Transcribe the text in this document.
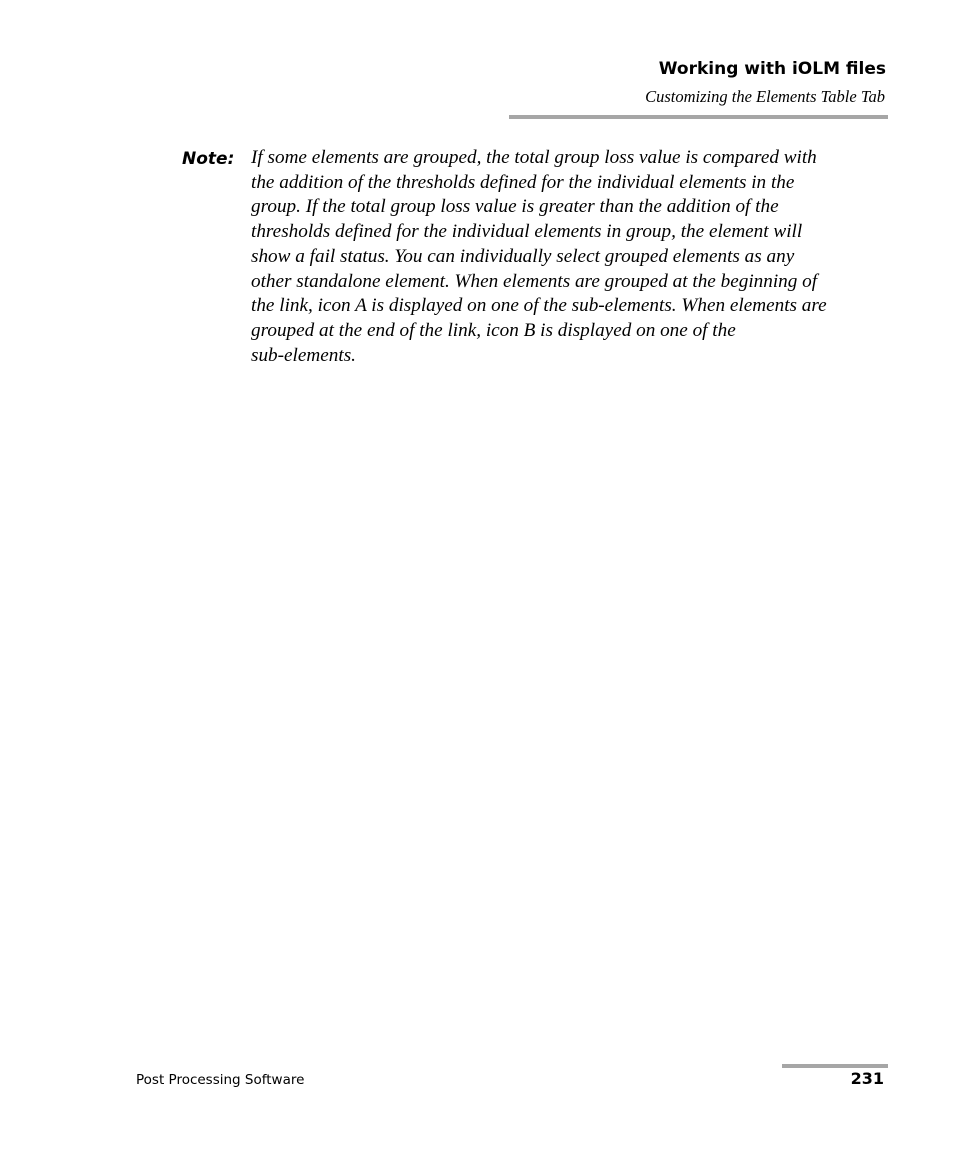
Working with iOLM files
Customizing the Elements Table Tab
Note: If some elements are grouped, the total group loss value is compared with
the addition of the thresholds defined for the individual elements in the
group. If the total group loss value is greater than the addition of the
thresholds defined for the individual elements in group, the element will
show a fail status. You can individually select grouped elements as any
other standalone element. When elements are grouped at the beginning of
the link, icon A is displayed on one of the sub-elements. When elements are
grouped at the end of the link, icon B is displayed on one of the
sub-elements.
Post Processing Software	231
